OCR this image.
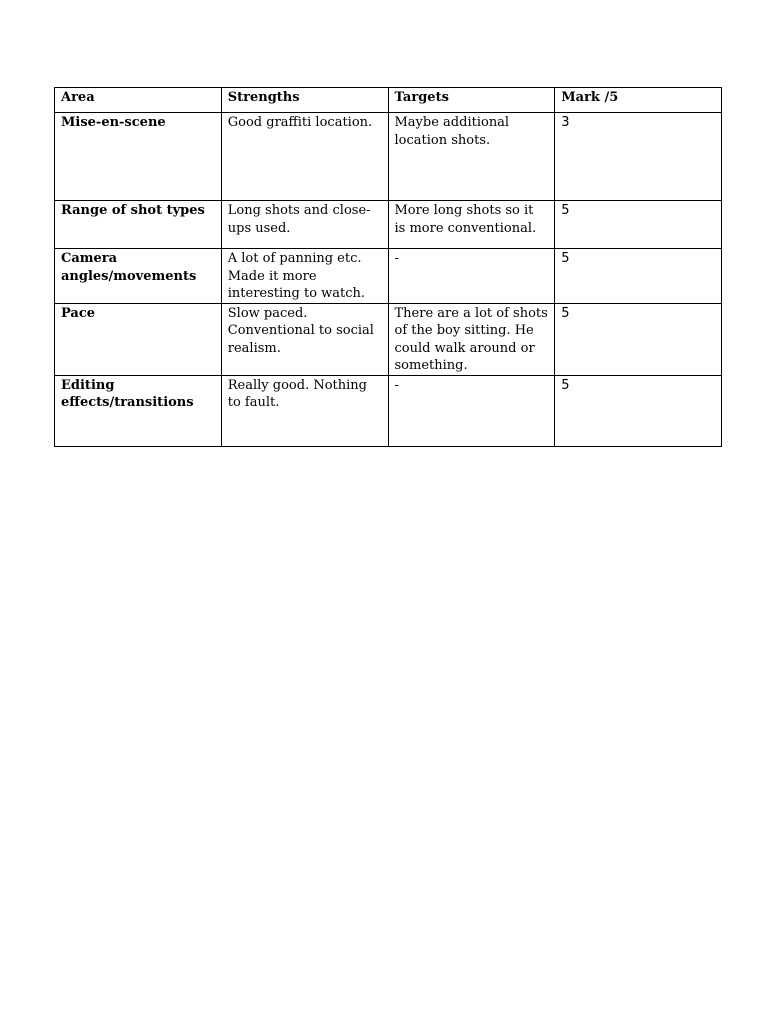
Area	Strengths	Targets	Mark /5
Mise-en-scene	Good graffiti location.	Maybe additional location shots.	3
Range of shot types	Long shots and close-ups used.	More long shots so it is more conventional.	5
Camera angles/movements	A lot of panning etc. Made it more interesting to watch.	-	5
Pace	Slow paced. Conventional to social realism.	There are a lot of shots of the boy sitting. He could walk around or something.	5
Editing effects/transitions	Really good. Nothing to fault.	-	5
